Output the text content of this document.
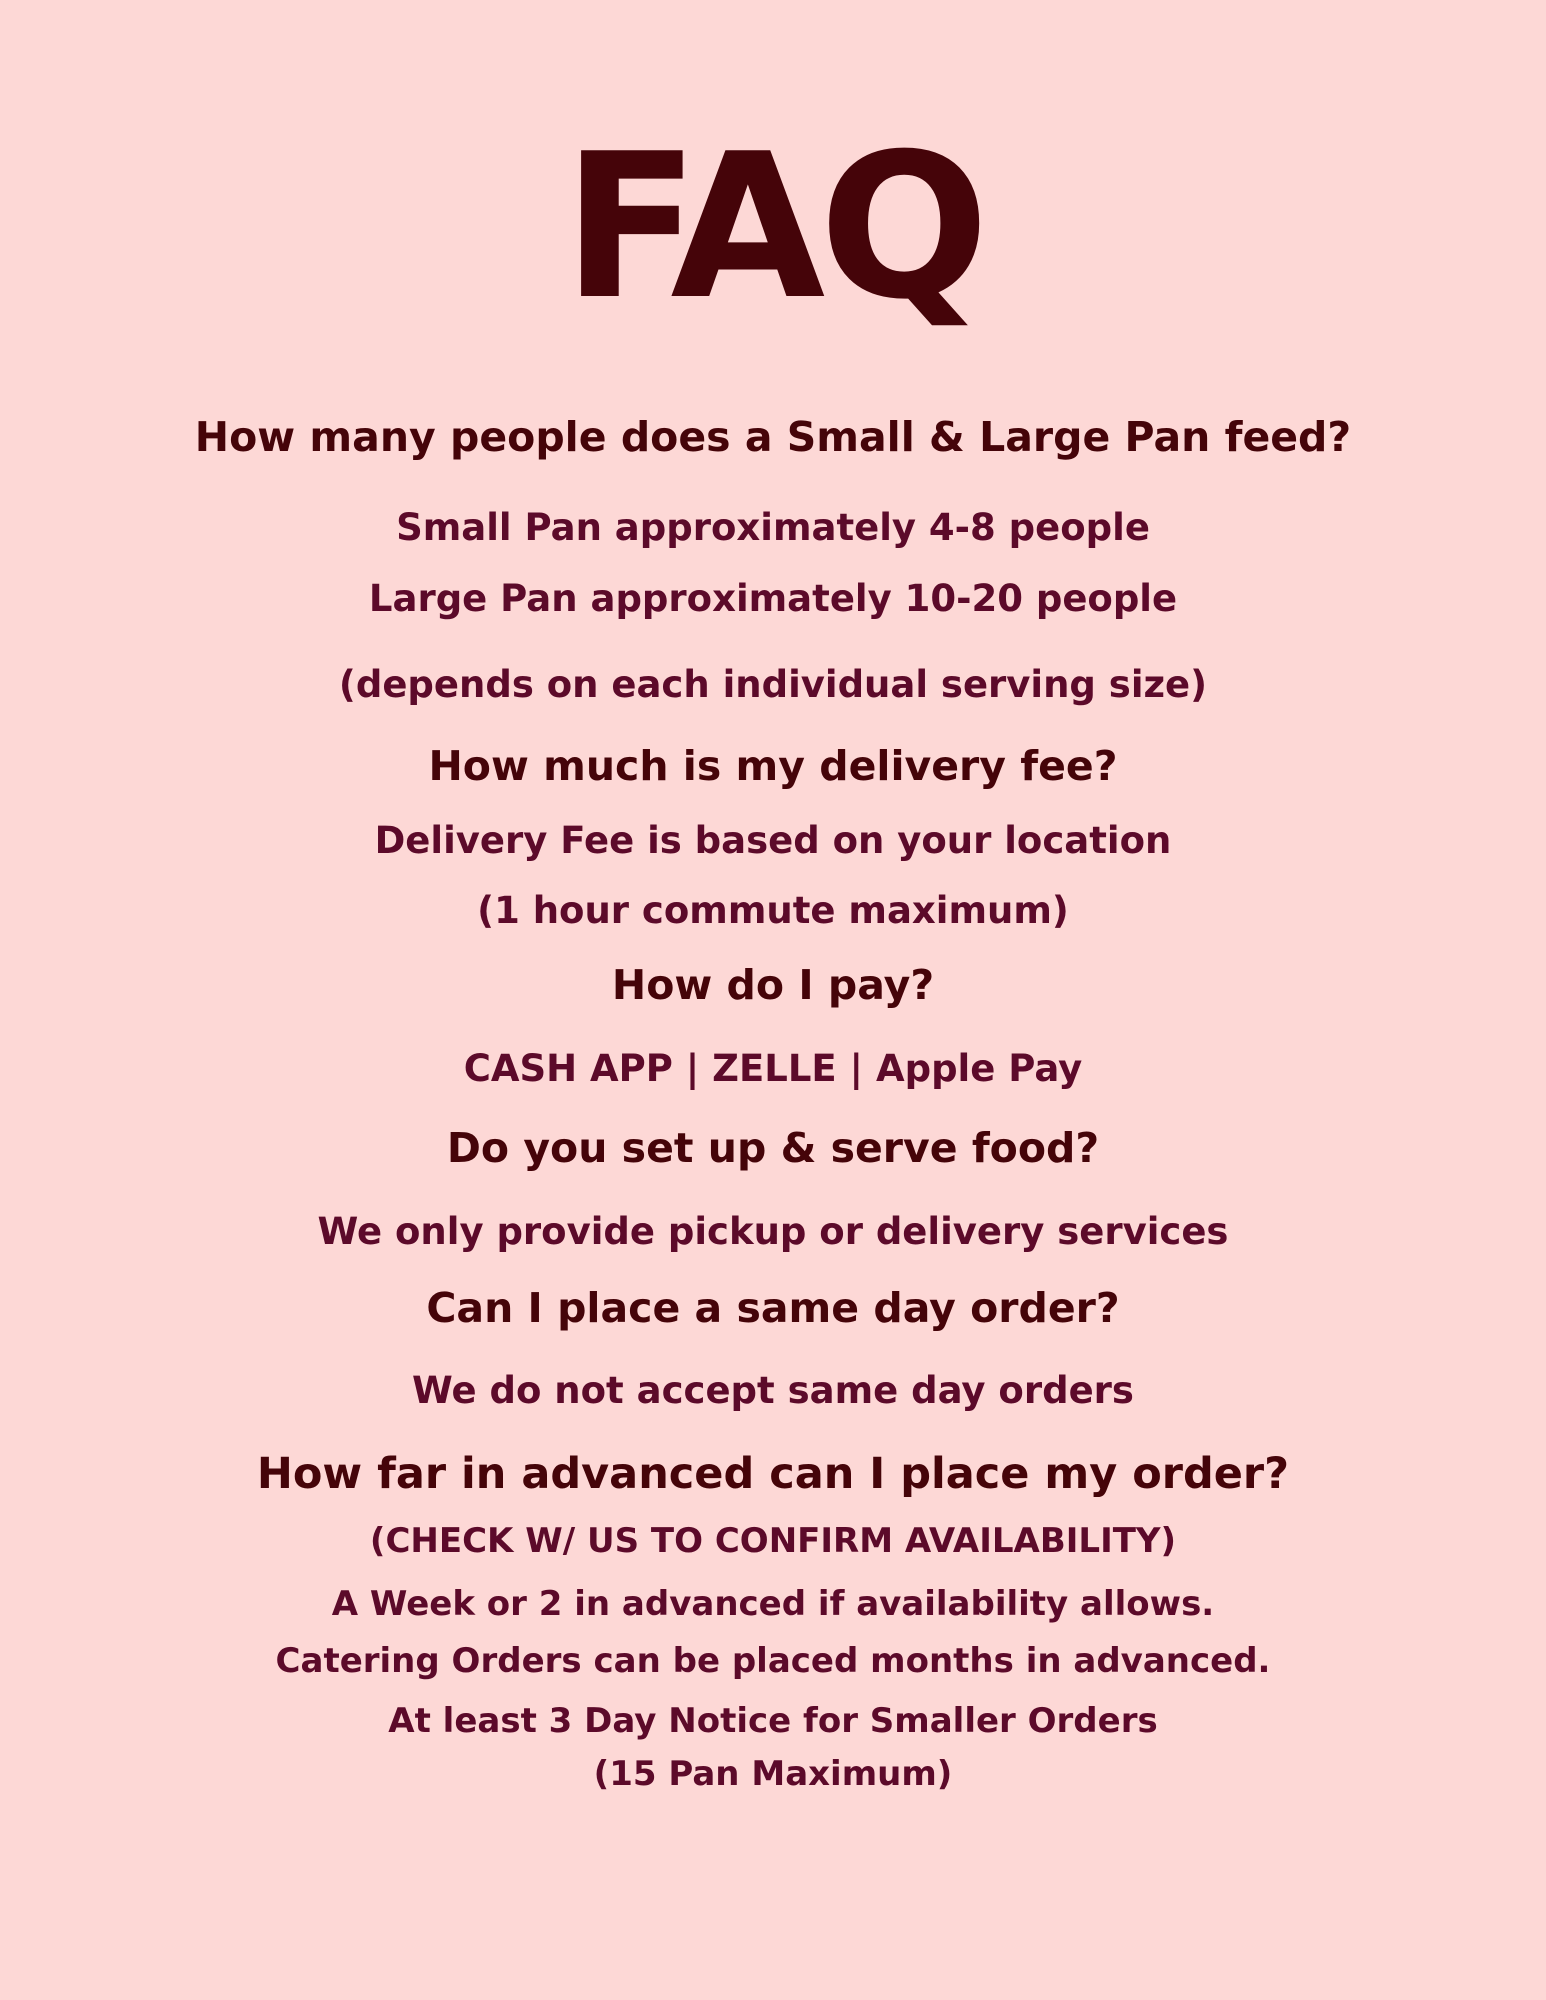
FAQ
How many people does a Small & Large Pan feed?
Small Pan approximately 4-8 people
Large Pan approximately 10-20 people
(depends on each individual serving size)
How much is my delivery fee?
Delivery Fee is based on your location
(1 hour commute maximum)
How do I pay?
CASH APP | ZELLE | Apple Pay
Do you set up & serve food?
We only provide pickup or delivery services
Can I place a same day order?
We do not accept same day orders
How far in advanced can I place my order?
(CHECK W/ US TO CONFIRM AVAILABILITY)
A Week or 2 in advanced if availability allows.
Catering Orders can be placed months in advanced.
At least 3 Day Notice for Smaller Orders
(15 Pan Maximum)
